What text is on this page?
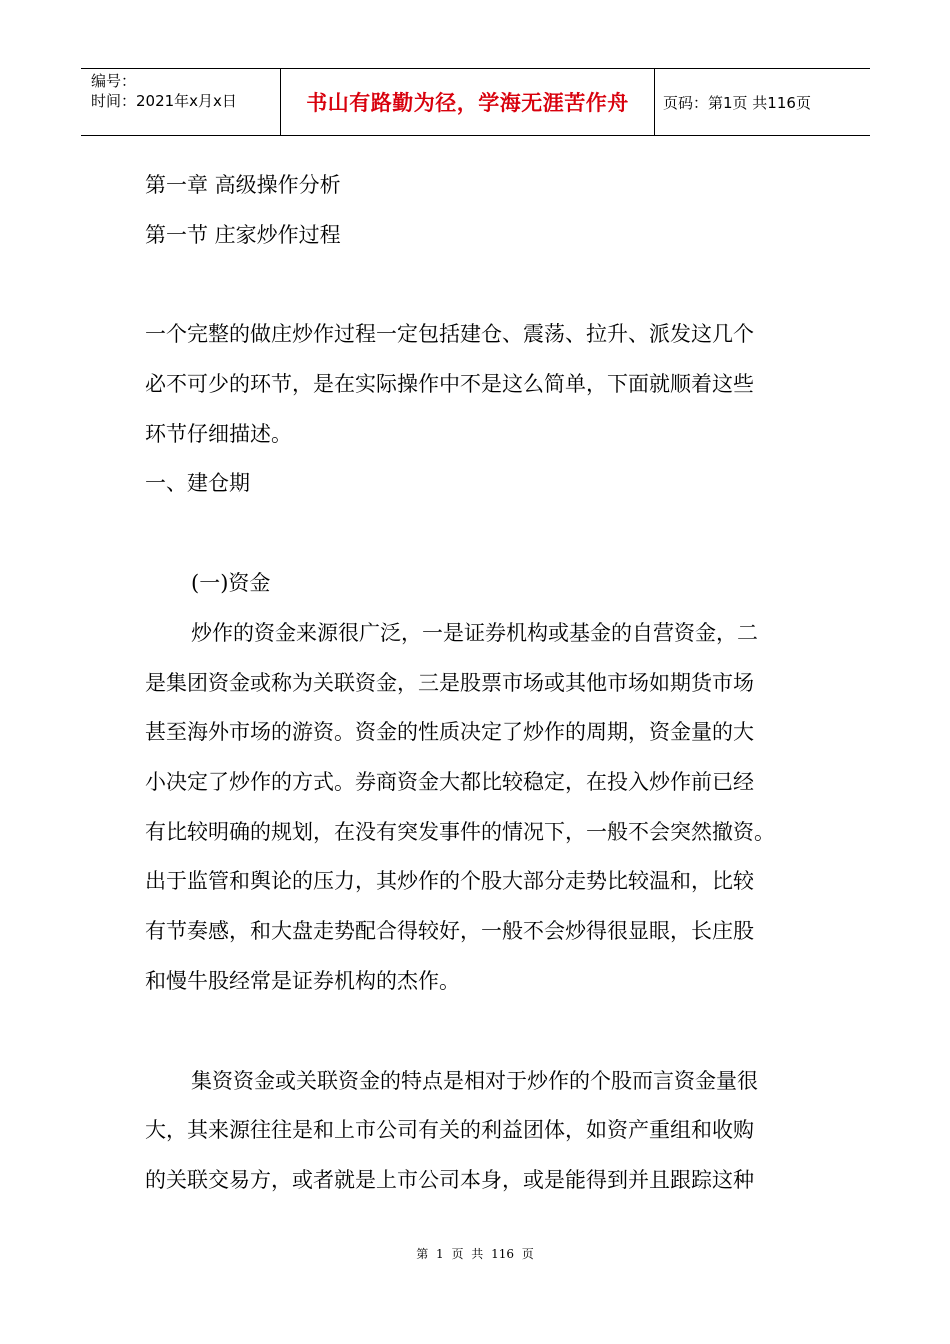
编号：
时间：2021年x月x日	书山有路勤为径，学海无涯苦作舟	页码：第1页 共116页
第一章 高级操作分析
第一节 庄家炒作过程
一个完整的做庄炒作过程一定包括建仓、震荡、拉升、派发这几个
必不可少的环节，是在实际操作中不是这么简单，下面就顺着这些
环节仔细描述。
一、建仓期
(一)资金
炒作的资金来源很广泛，一是证券机构或基金的自营资金，二
是集团资金或称为关联资金，三是股票市场或其他市场如期货市场
甚至海外市场的游资。资金的性质决定了炒作的周期，资金量的大
小决定了炒作的方式。券商资金大都比较稳定，在投入炒作前已经
有比较明确的规划，在没有突发事件的情况下，一般不会突然撤资。
出于监管和舆论的压力，其炒作的个股大部分走势比较温和，比较
有节奏感，和大盘走势配合得较好，一般不会炒得很显眼，长庄股
和慢牛股经常是证券机构的杰作。
集资资金或关联资金的特点是相对于炒作的个股而言资金量很
大，其来源往往是和上市公司有关的利益团体，如资产重组和收购
的关联交易方，或者就是上市公司本身，或是能得到并且跟踪这种
第 1 页 共 116 页
